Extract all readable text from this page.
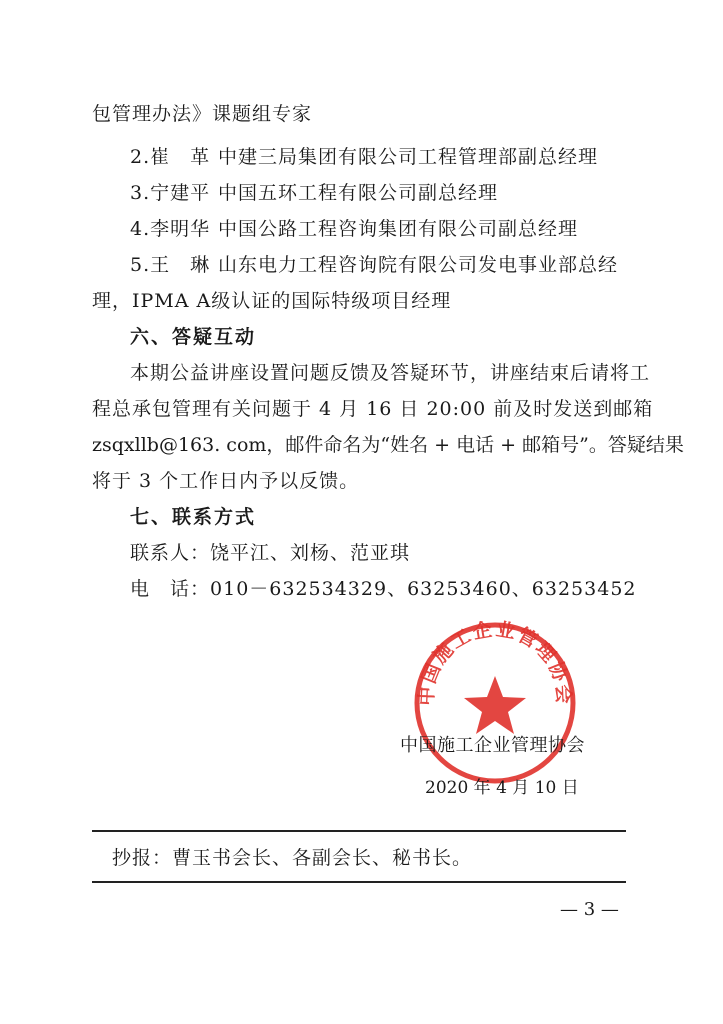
包管理办法》课题组专家
2.崔　革 中建三局集团有限公司工程管理部副总经理
3.宁建平 中国五环工程有限公司副总经理
4.李明华 中国公路工程咨询集团有限公司副总经理
5.王　琳 山东电力工程咨询院有限公司发电事业部总经
理，IPMA A级认证的国际特级项目经理
六、答疑互动
本期公益讲座设置问题反馈及答疑环节，讲座结束后请将工
程总承包管理有关问题于 4 月 16 日 20:00 前及时发送到邮箱
zsqxllb@163. com，邮件命名为“姓名 + 电话 + 邮箱号”。答疑结果
将于 3 个工作日内予以反馈。
七、联系方式
联系人：饶平江、刘杨、范亚琪
电　话：010－632534329、63253460、63253452
中国施工企业管理协会
中国施工企业管理协会
2020 年 4 月 10 日
抄报：曹玉书会长、各副会长、秘书长。
— 3 —
